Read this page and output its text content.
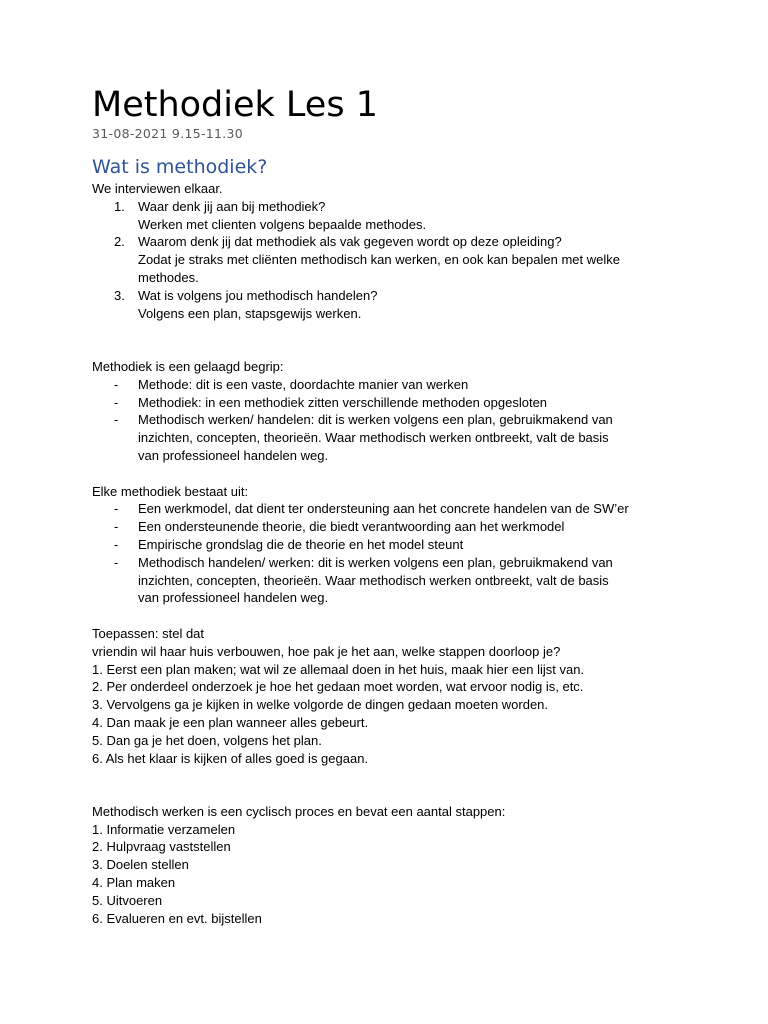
Methodiek Les 1
31-08-2021 9.15-11.30
Wat is methodiek?
We interviewen elkaar.
1. Waar denk jij aan bij methodiek?
Werken met clienten volgens bepaalde methodes.
2. Waarom denk jij dat methodiek als vak gegeven wordt op deze opleiding?
Zodat je straks met cliënten methodisch kan werken, en ook kan bepalen met welke
methodes.
3. Wat is volgens jou methodisch handelen?
Volgens een plan, stapsgewijs werken.
Methodiek is een gelaagd begrip:
- Methode: dit is een vaste, doordachte manier van werken
- Methodiek: in een methodiek zitten verschillende methoden opgesloten
- Methodisch werken/ handelen: dit is werken volgens een plan, gebruikmakend van
inzichten, concepten, theorieën. Waar methodisch werken ontbreekt, valt de basis
van professioneel handelen weg.
Elke methodiek bestaat uit:
- Een werkmodel, dat dient ter ondersteuning aan het concrete handelen van de SW’er
- Een ondersteunende theorie, die biedt verantwoording aan het werkmodel
- Empirische grondslag die de theorie en het model steunt
- Methodisch handelen/ werken: dit is werken volgens een plan, gebruikmakend van
inzichten, concepten, theorieën. Waar methodisch werken ontbreekt, valt de basis
van professioneel handelen weg.
Toepassen: stel dat
vriendin wil haar huis verbouwen, hoe pak je het aan, welke stappen doorloop je?
1. Eerst een plan maken; wat wil ze allemaal doen in het huis, maak hier een lijst van.
2. Per onderdeel onderzoek je hoe het gedaan moet worden, wat ervoor nodig is, etc.
3. Vervolgens ga je kijken in welke volgorde de dingen gedaan moeten worden.
4. Dan maak je een plan wanneer alles gebeurt.
5. Dan ga je het doen, volgens het plan.
6. Als het klaar is kijken of alles goed is gegaan.
Methodisch werken is een cyclisch proces en bevat een aantal stappen:
1. Informatie verzamelen
2. Hulpvraag vaststellen
3. Doelen stellen
4. Plan maken
5. Uitvoeren
6. Evalueren en evt. bijstellen
